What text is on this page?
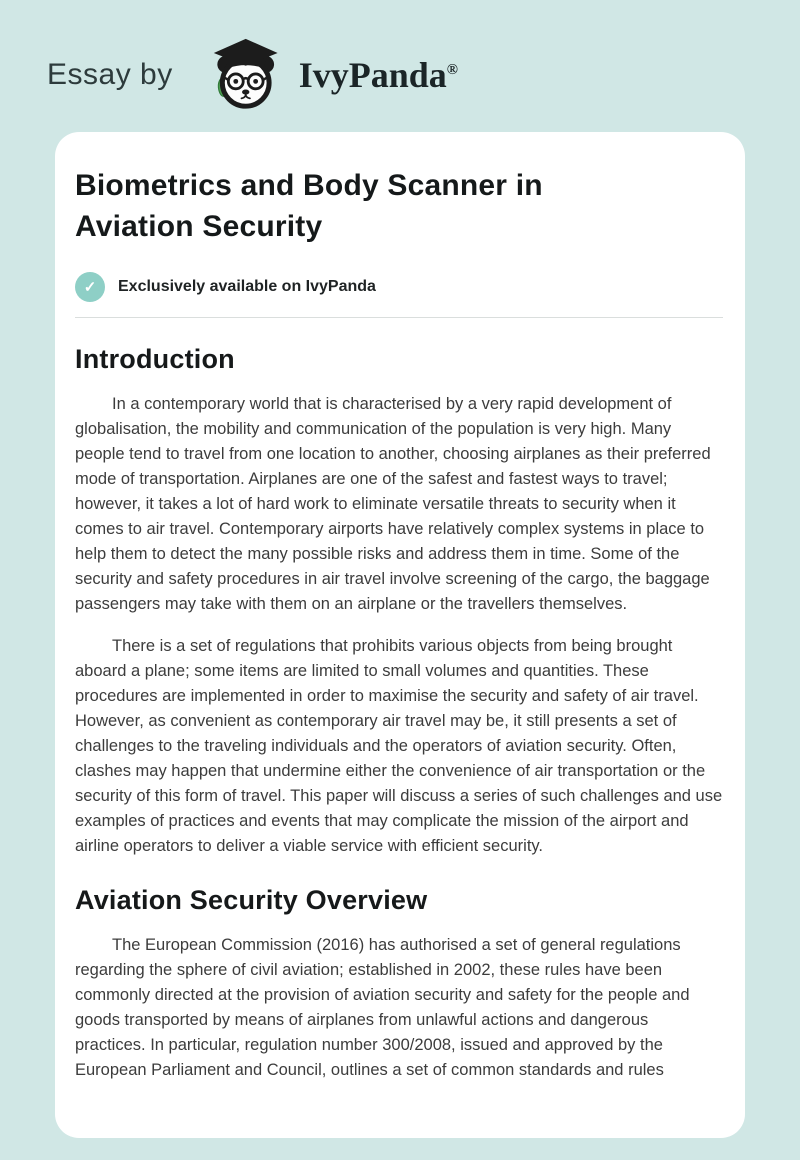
Essay by	IvyPanda®
Biometrics and Body Scanner in Aviation Security
✓	Exclusively available on IvyPanda
Introduction

In a contemporary world that is characterised by a very rapid development of globalisation, the mobility and communication of the population is very high. Many people tend to travel from one location to another, choosing airplanes as their preferred mode of transportation. Airplanes are one of the safest and fastest ways to travel; however, it takes a lot of hard work to eliminate versatile threats to security when it comes to air travel. Contemporary airports have relatively complex systems in place to help them to detect the many possible risks and address them in time. Some of the security and safety procedures in air travel involve screening of the cargo, the baggage passengers may take with them on an airplane or the travellers themselves.

There is a set of regulations that prohibits various objects from being brought aboard a plane; some items are limited to small volumes and quantities. These procedures are implemented in order to maximise the security and safety of air travel. However, as convenient as contemporary air travel may be, it still presents a set of challenges to the traveling individuals and the operators of aviation security. Often, clashes may happen that undermine either the convenience of air transportation or the security of this form of travel. This paper will discuss a series of such challenges and use examples of practices and events that may complicate the mission of the airport and airline operators to deliver a viable service with efficient security.

Aviation Security Overview

The European Commission (2016) has authorised a set of general regulations regarding the sphere of civil aviation; established in 2002, these rules have been commonly directed at the provision of aviation security and safety for the people and goods transported by means of airplanes from unlawful actions and dangerous practices. In particular, regulation number 300/2008, issued and approved by the European Parliament and Council, outlines a set of common standards and rules
